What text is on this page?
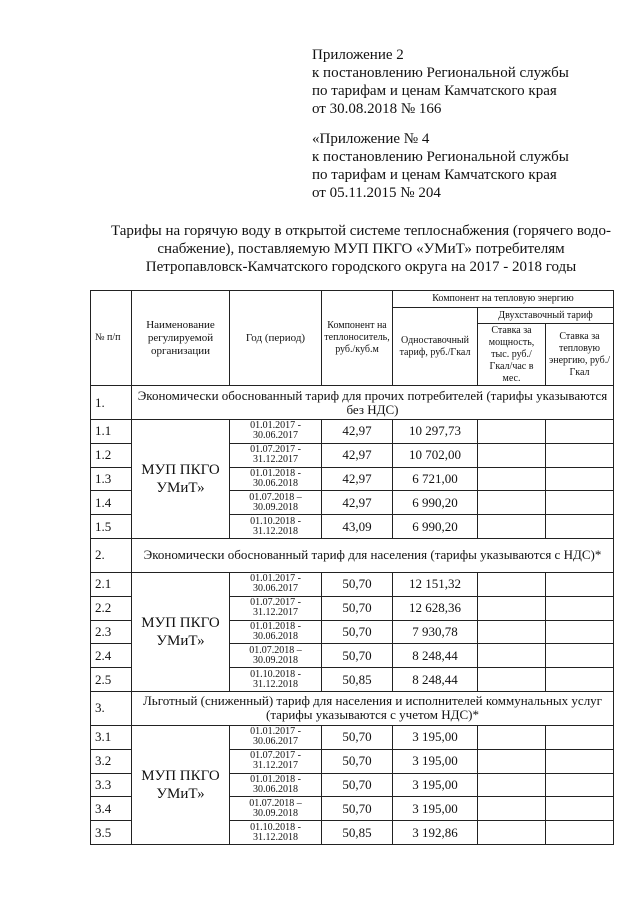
Приложение 2
к постановлению Региональной службы
по тарифам и ценам Камчатского края
от 30.08.2018 № 166
«Приложение № 4
к постановлению Региональной службы
по тарифам и ценам Камчатского края
от 05.11.2015 № 204
Тарифы на горячую воду в открытой системе теплоснабжения (горячего водо-
снабжение), поставляемую МУП ПКГО «УМиТ» потребителям
Петропавловск-Камчатского городского округа на 2017 - 2018 годы
№ п/п	Наименование регулируемой организации	Год (период)	Компонент на теплоноситель, руб./куб.м	Компонент на тепловую энергию		
				Одноставочный тариф, руб./Гкал	Двухставочный тариф	
					Ставка за мощность, тыс. руб./Гкал/час в мес.	Ставка за тепловую энергию, руб./Гкал
1.	Экономически обоснованный тариф для прочих потребителей (тарифы указываются без НДС)					
1.1	МУП ПКГО УМиТ»	01.01.2017 - 30.06.2017	42,97	10 297,73		
1.2		01.07.2017 - 31.12.2017	42,97	10 702,00		
1.3		01.01.2018 - 30.06.2018	42,97	6 721,00		
1.4		01.07.2018 – 30.09.2018	42,97	6 990,20		
1.5		01.10.2018 - 31.12.2018	43,09	6 990,20		
2.	Экономически обоснованный тариф для населения (тарифы указываются с НДС)*					
2.1	МУП ПКГО УМиТ»	01.01.2017 - 30.06.2017	50,70	12 151,32		
2.2		01.07.2017 - 31.12.2017	50,70	12 628,36		
2.3		01.01.2018 - 30.06.2018	50,70	7 930,78		
2.4		01.07.2018 – 30.09.2018	50,70	8 248,44		
2.5		01.10.2018 - 31.12.2018	50,85	8 248,44		
3.	Льготный (сниженный) тариф для населения и исполнителей коммунальных услуг (тарифы указываются с учетом НДС)*					
3.1	МУП ПКГО УМиТ»	01.01.2017 - 30.06.2017	50,70	3 195,00		
3.2		01.07.2017 - 31.12.2017	50,70	3 195,00		
3.3		01.01.2018 - 30.06.2018	50,70	3 195,00		
3.4		01.07.2018 – 30.09.2018	50,70	3 195,00		
3.5		01.10.2018 - 31.12.2018	50,85	3 192,86		
